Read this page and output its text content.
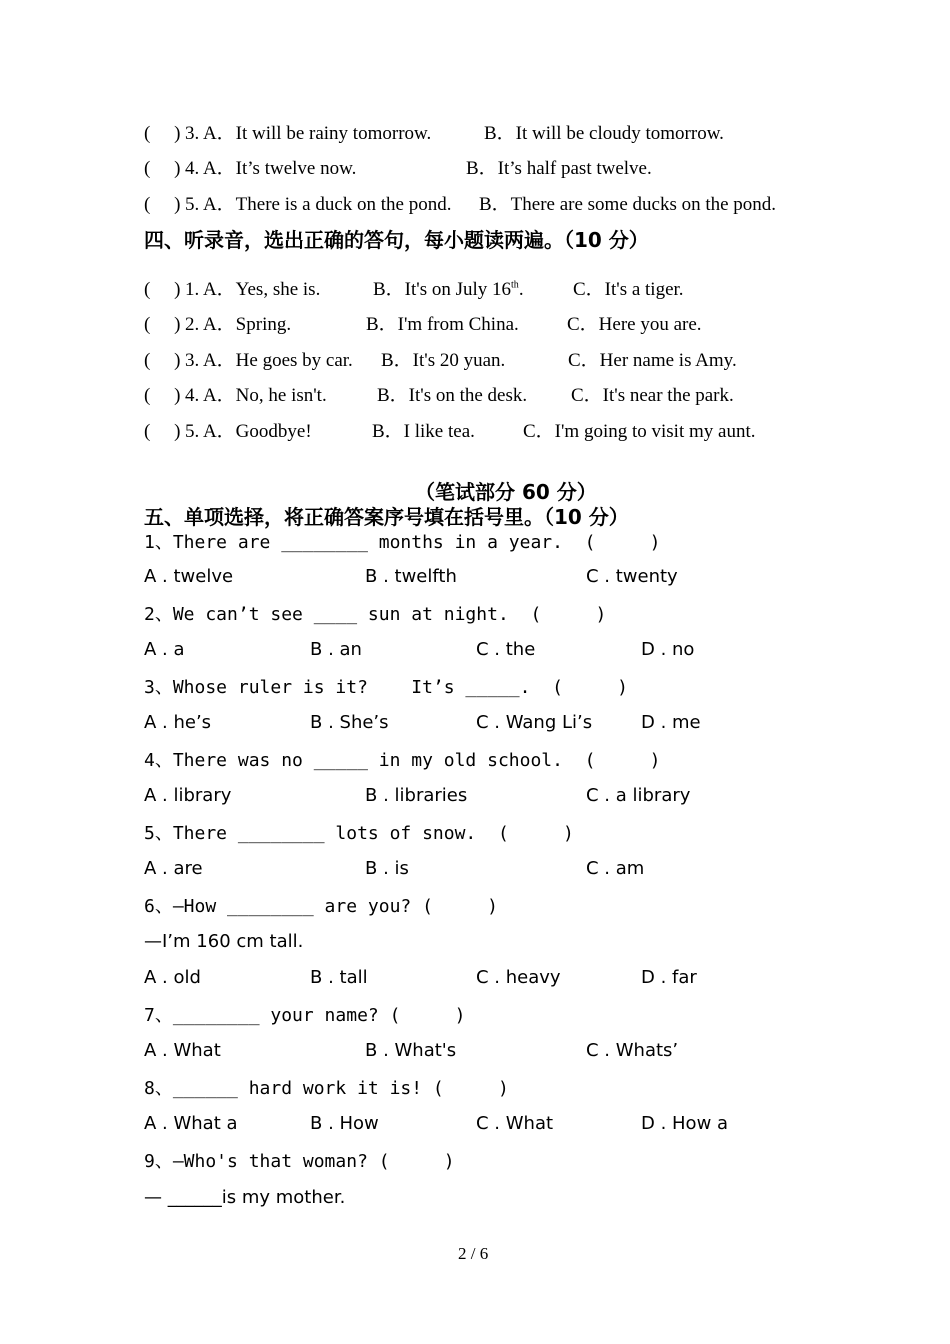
(     ) 3. A．It will be rainy tomorrow.	B．It will be cloudy tomorrow.
(     ) 4. A．It’s twelve now.	B．It’s half past twelve.
(     ) 5. A．There is a duck on the pond. B．There are some ducks on the pond.
四、听录音，选出正确的答句，每小题读两遍。（10 分）
(     ) 1. A．Yes, she is.	B．It's on July 16th.	C．It's a tiger.
(     ) 2. A．Spring.	B．I'm from China.	C．Here you are.
(     ) 3. A．He goes by car. B．It's 20 yuan.	C．Her name is Amy.
(     ) 4. A．No, he isn't.	B．It's on the desk. C．It's near the park.
(     ) 5. A．Goodbye!	B．I like tea.	C．I'm going to visit my aunt.
（笔试部分 60 分）
五、单项选择，将正确答案序号填在括号里。（10 分）
1、There are ________ months in a year.  (     )
A . twelve	B . twelfth	C . twenty
2、We can’t see ____ sun at night.  (     )
A . a	B . an	C . the	D . no
3、Whose ruler is it?    It’s _____.  (     )
A . he’s	B . She’s	C . Wang Li’s	D . me
4、There was no _____ in my old school.  (     )
A . library	B . libraries	C . a library
5、There ________ lots of snow.  (     )
A . are	B . is	C . am
6、—How ________ are you? (     )
—I’m 160 cm tall.
A . old	B . tall	C . heavy	D . far
7、________ your name? (     )
A . What	B . What's	C . Whats’
8、______ hard work it is! (     )
A . What a	B . How	C . What	D . How a
9、—Who's that woman? (     )
— ______is my mother.
2 / 6
